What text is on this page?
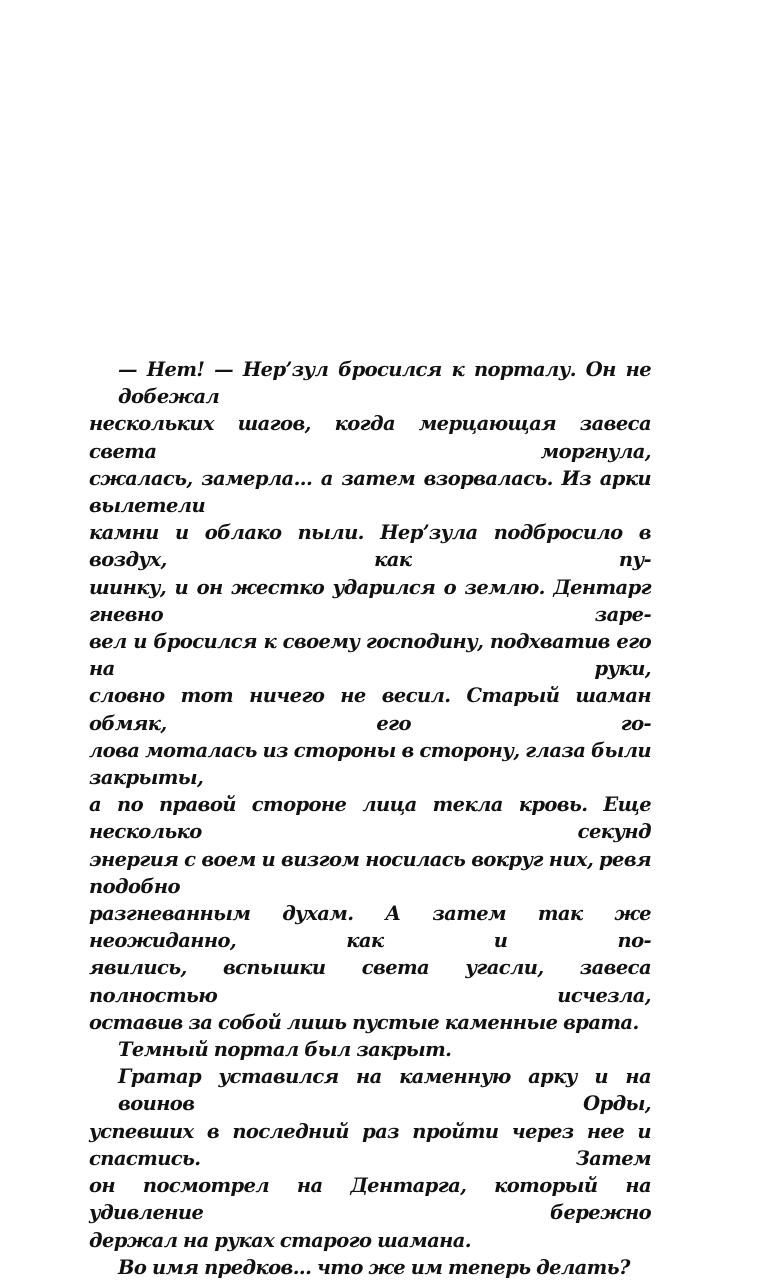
— Нет! — Нер’зул бросился к порталу. Он не добежал
нескольких шагов, когда мерцающая завеса света моргнула,
сжалась, замерла... а затем взорвалась. Из арки вылетели
камни и облако пыли. Нер’зула подбросило в воздух, как пу-
шинку, и он жестко ударился о землю. Дентарг гневно заре-
вел и бросился к своему господину, подхватив его на руки,
словно тот ничего не весил. Старый шаман обмяк, его го-
лова моталась из стороны в сторону, глаза были закрыты,
а по правой стороне лица текла кровь. Еще несколько секунд
энергия с воем и визгом носилась вокруг них, ревя подобно
разгневанным духам. А затем так же неожиданно, как и по-
явились, вспышки света угасли, завеса полностью исчезла,
оставив за собой лишь пустые каменные врата.

Темный портал был закрыт.

Гратар уставился на каменную арку и на воинов Орды,
успевших в последний раз пройти через нее и спастись. Затем
он посмотрел на Дентарга, который на удивление бережно
держал на руках старого шамана.

Во имя предков... что же им теперь делать?
